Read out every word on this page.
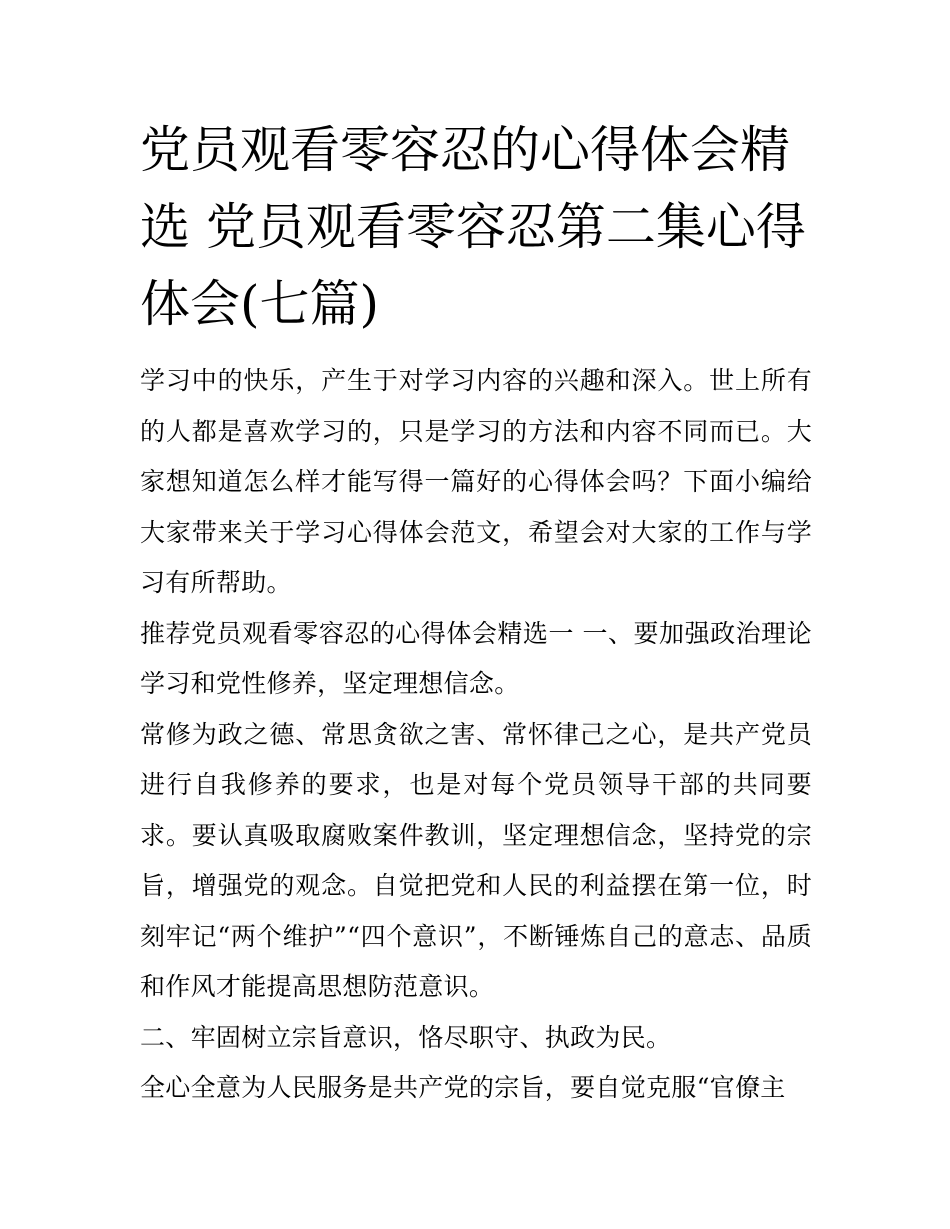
党员观看零容忍的心得体会精选 党员观看零容忍第二集心得体会(七篇)

学习中的快乐，产生于对学习内容的兴趣和深入。世上所有的人都是喜欢学习的，只是学习的方法和内容不同而已。大家想知道怎么样才能写得一篇好的心得体会吗？下面小编给大家带来关于学习心得体会范文，希望会对大家的工作与学习有所帮助。

推荐党员观看零容忍的心得体会精选一 一、要加强政治理论学习和党性修养，坚定理想信念。

常修为政之德、常思贪欲之害、常怀律己之心，是共产党员进行自我修养的要求，也是对每个党员领导干部的共同要求。要认真吸取腐败案件教训，坚定理想信念，坚持党的宗旨，增强党的观念。自觉把党和人民的利益摆在第一位，时刻牢记“两个维护”“四个意识”，不断锤炼自己的意志、品质和作风才能提高思想防范意识。

二、牢固树立宗旨意识，恪尽职守、执政为民。

全心全意为人民服务是共产党的宗旨，要自觉克服“官僚主
